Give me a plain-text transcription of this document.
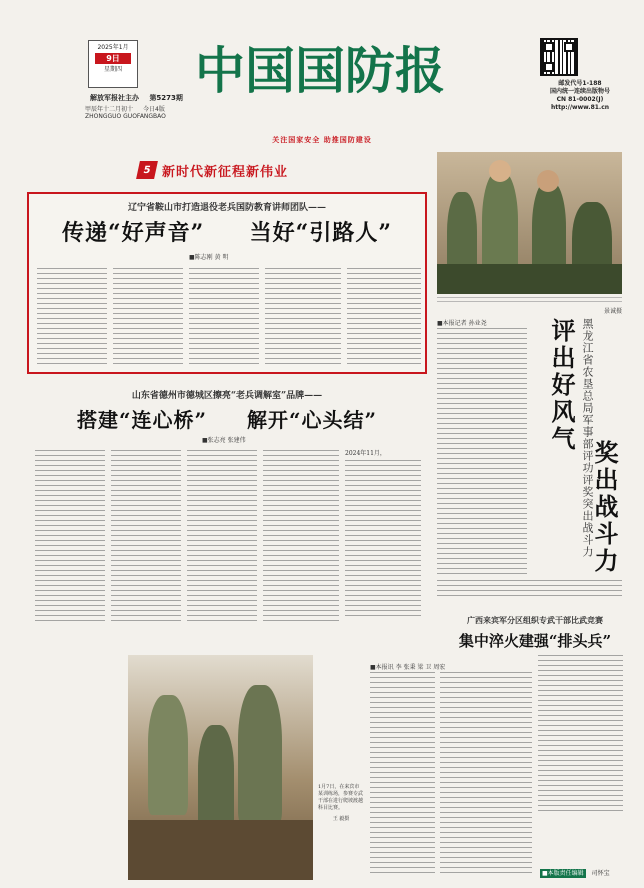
2025年1月
9日
星期四
解放军报社主办 第5273期 中 国 国 防 报
甲辰年十二月初十 今日4版
ZHONGGUO GUOFANGBAO
关注国家安全 助推国防建设
邮发代号1-188
国内统一连续出版物号
CN 81-0002(J)
http://www.81.cn
5 新时代新征程新伟业
辽宁省鞍山市打造退役老兵国防教育讲师团队——
传递“好声音” 当好“引路人”
■陈志刚 黄 明
山东省德州市德城区擦亮“老兵调解室”品牌——
搭建“连心桥” 解开“心头结”
■张志亮 张建伟
2024年11月，
景诚摄
■本报记者 孙业尧	黑龙江省农垦总局军事部评功评奖突出战斗力
评出好风气
奖出战斗力
广西来宾军分区组织专武干部比武竞赛
集中淬火建强“排头兵”
1月7日，在来宾市某训练场，参赛专武干部在进行爬坡渡越科目比赛。
王 毅摄
■本报讯 李 张秉 梁 卫 周宏
■本版责任编辑 司怀宝
